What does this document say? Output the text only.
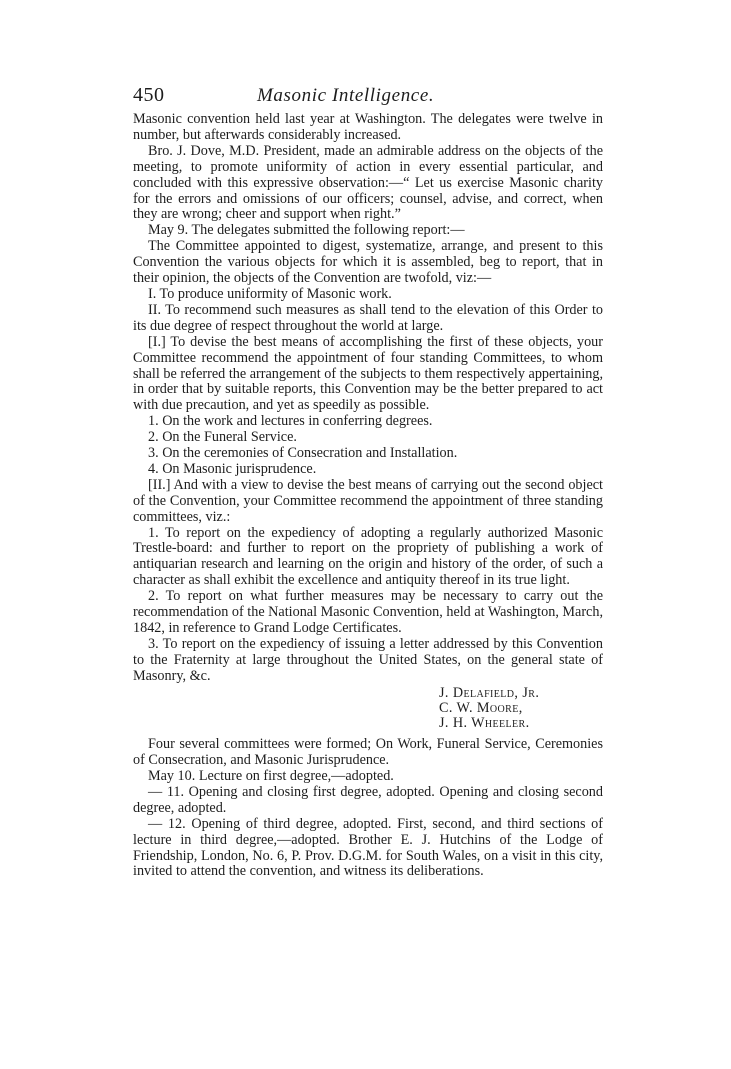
450	Masonic Intelligence.

Masonic convention held last year at Washington. The delegates were twelve in number, but afterwards considerably increased.

Bro. J. Dove, M.D. President, made an admirable address on the objects of the meeting, to promote uniformity of action in every essential particular, and concluded with this expressive observation:—“ Let us exercise Masonic charity for the errors and omissions of our officers; counsel, advise, and correct, when they are wrong; cheer and support when right.”

May 9. The delegates submitted the following report:—

The Committee appointed to digest, systematize, arrange, and present to this Convention the various objects for which it is assembled, beg to report, that in their opinion, the objects of the Convention are twofold, viz:—

I. To produce uniformity of Masonic work.

II. To recommend such measures as shall tend to the elevation of this Order to its due degree of respect throughout the world at large.

[I.] To devise the best means of accomplishing the first of these objects, your Committee recommend the appointment of four standing Committees, to whom shall be referred the arrangement of the subjects to them respectively appertaining, in order that by suitable reports, this Convention may be the better prepared to act with due precaution, and yet as speedily as possible.

1. On the work and lectures in conferring degrees.

2. On the Funeral Service.

3. On the ceremonies of Consecration and Installation.

4. On Masonic jurisprudence.

[II.] And with a view to devise the best means of carrying out the second object of the Convention, your Committee recommend the appointment of three standing committees, viz.:

1. To report on the expediency of adopting a regularly authorized Masonic Trestle-board: and further to report on the propriety of publishing a work of antiquarian research and learning on the origin and history of the order, of such a character as shall exhibit the excellence and antiquity thereof in its true light.

2. To report on what further measures may be necessary to carry out the recommendation of the National Masonic Convention, held at Washington, March, 1842, in reference to Grand Lodge Certificates.

3. To report on the expediency of issuing a letter addressed by this Convention to the Fraternity at large throughout the United States, on the general state of Masonry, &c.

J. Delafield, Jr.
C. W. Moore,
J. H. Wheeler.

Four several committees were formed; On Work, Funeral Service, Ceremonies of Consecration, and Masonic Jurisprudence.

May 10. Lecture on first degree,—adopted.

— 11. Opening and closing first degree, adopted. Opening and closing second degree, adopted.

— 12. Opening of third degree, adopted. First, second, and third sections of lecture in third degree,—adopted. Brother E. J. Hutchins of the Lodge of Friendship, London, No. 6, P. Prov. D.G.M. for South Wales, on a visit in this city, invited to attend the convention, and witness its deliberations.
